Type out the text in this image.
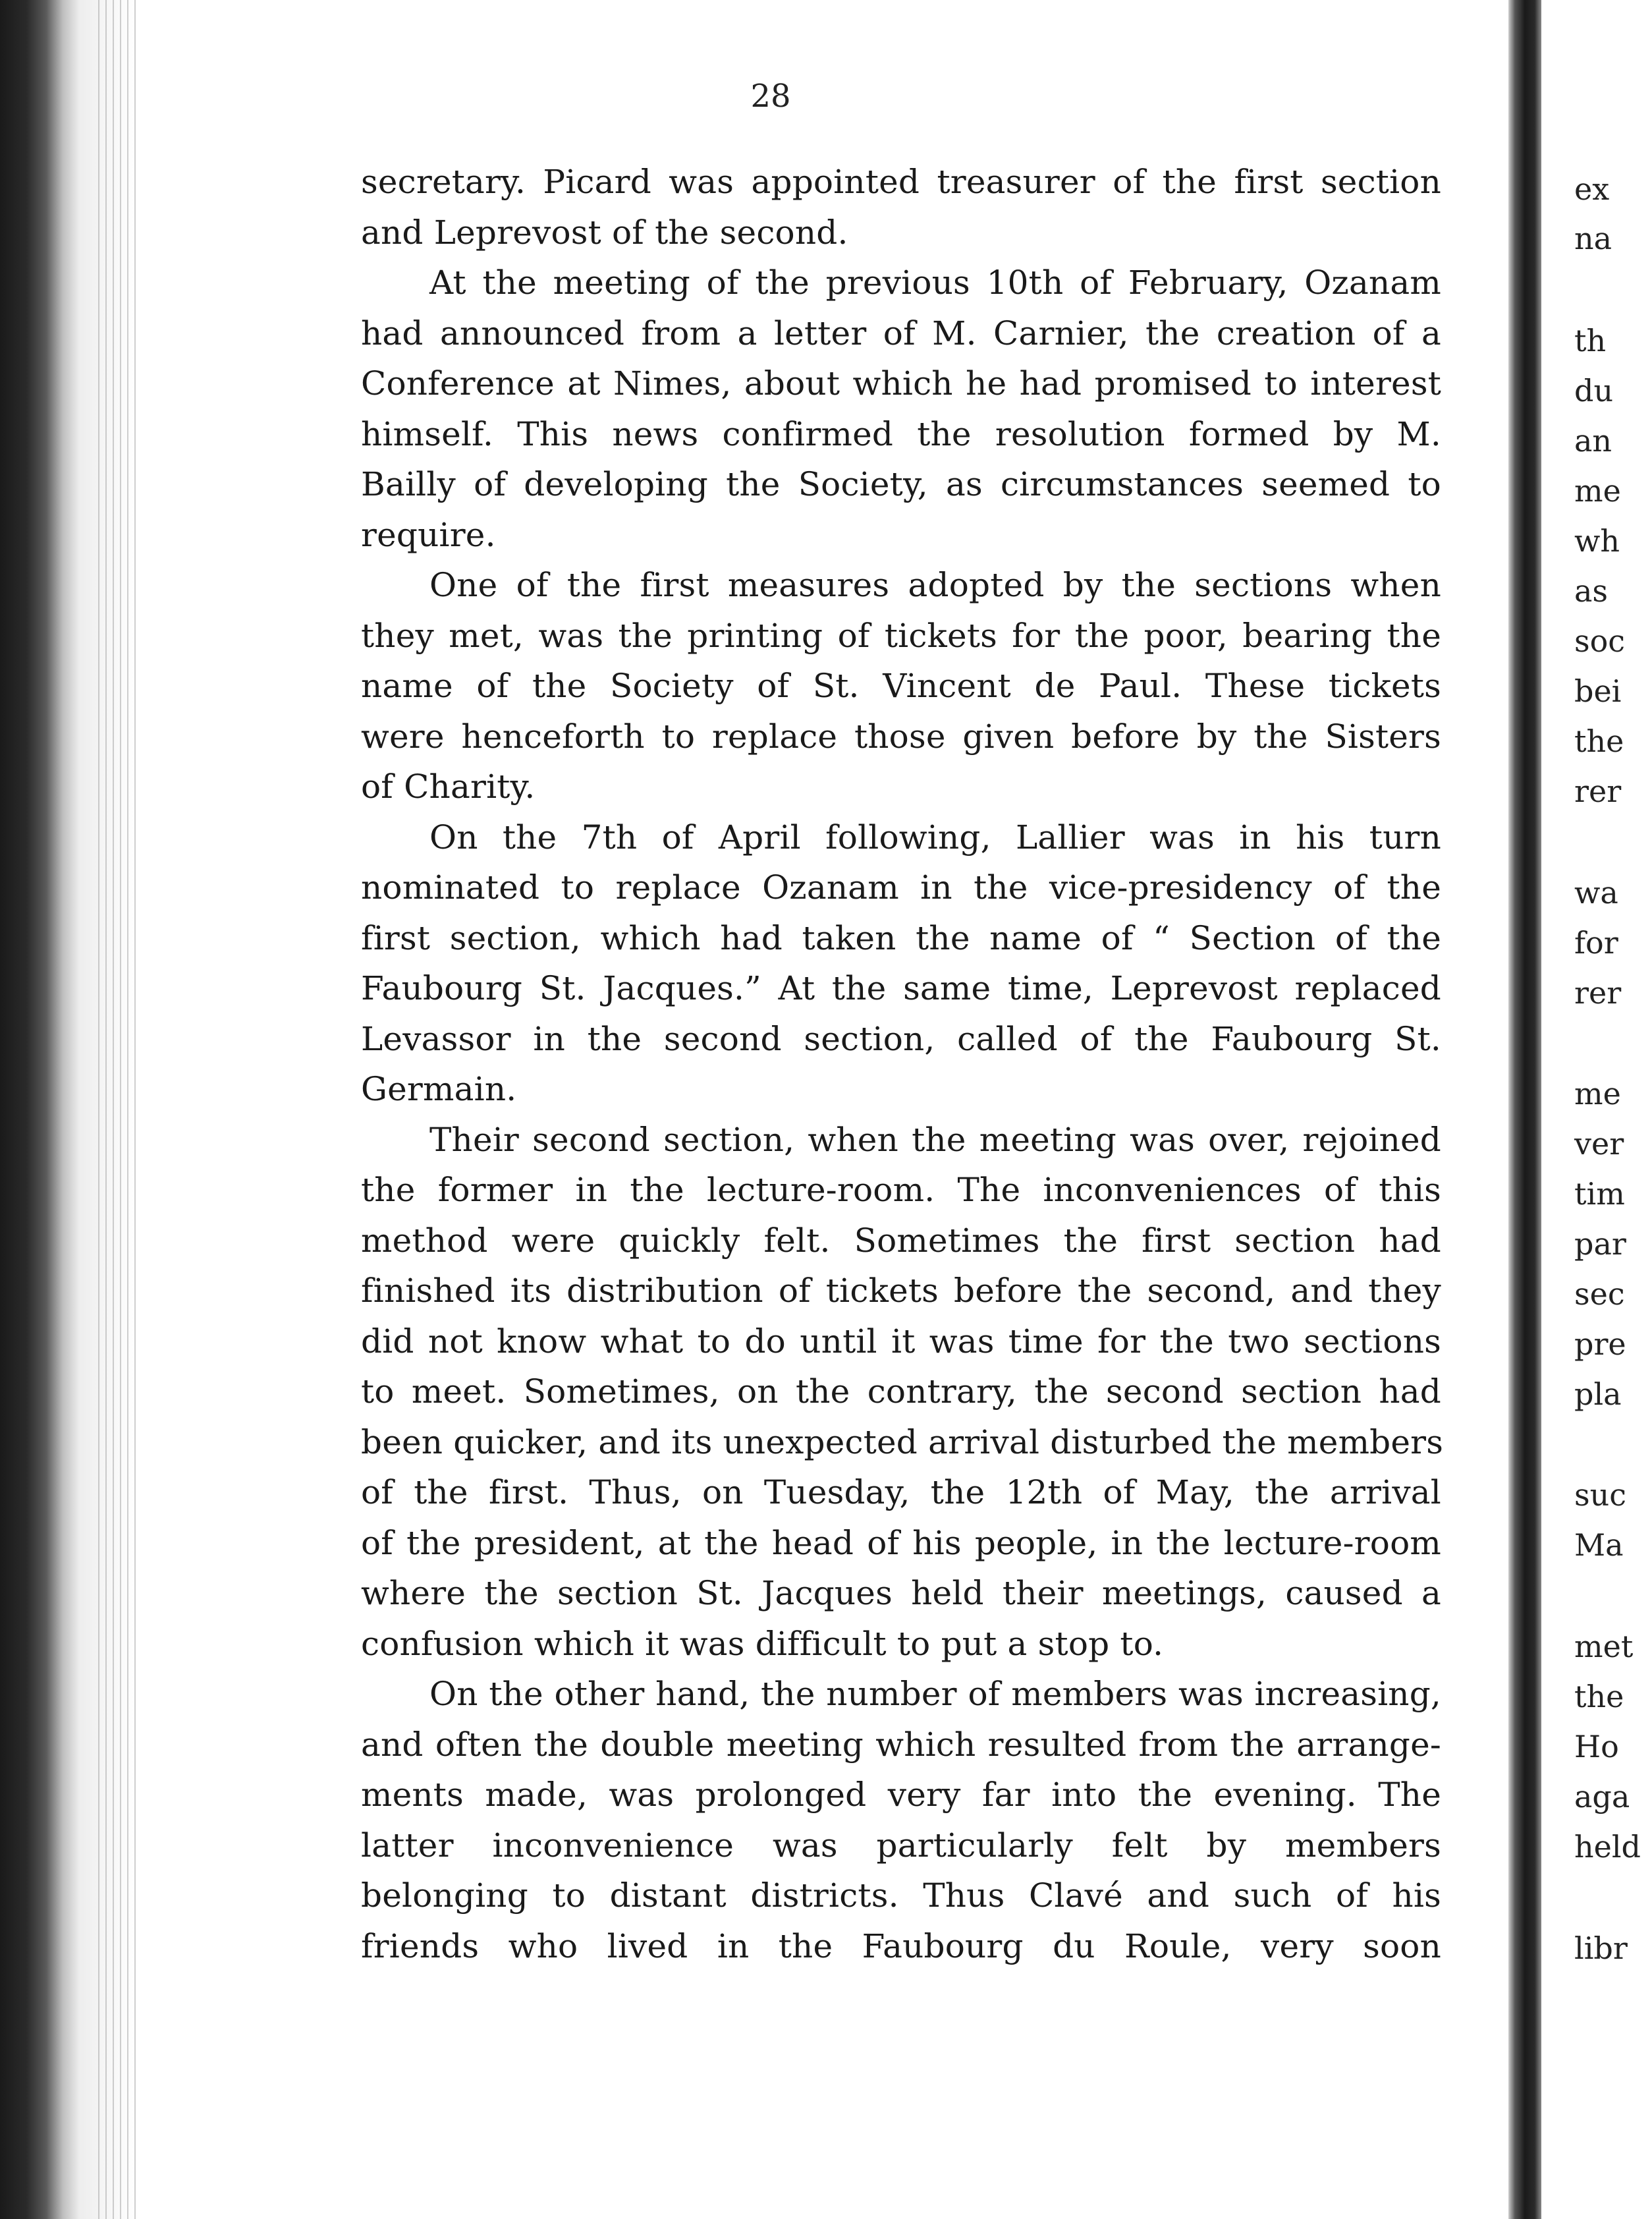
28
secretary. Picard was appointed treasurer of the first section
and Leprevost of the second.
At the meeting of the previous 10th of February, Ozanam
had announced from a letter of M. Carnier, the creation of a
Conference at Nimes, about which he had promised to interest
himself. This news confirmed the resolution formed by M.
Bailly of developing the Society, as circumstances seemed to
require.
One of the first measures adopted by the sections when
they met, was the printing of tickets for the poor, bearing the
name of the Society of St. Vincent de Paul. These tickets
were henceforth to replace those given before by the Sisters
of Charity.
On the 7th of April following, Lallier was in his turn
nominated to replace Ozanam in the vice-presidency of the
first section, which had taken the name of “ Section of the
Faubourg St. Jacques.” At the same time, Leprevost replaced
Levassor in the second section, called of the Faubourg St.
Germain.
Their second section, when the meeting was over, rejoined
the former in the lecture-room. The inconveniences of this
method were quickly felt. Sometimes the first section had
finished its distribution of tickets before the second, and they
did not know what to do until it was time for the two sections
to meet. Sometimes, on the contrary, the second section had
been quicker, and its unexpected arrival disturbed the members
of the first. Thus, on Tuesday, the 12th of May, the arrival
of the president, at the head of his people, in the lecture-room
where the section St. Jacques held their meetings, caused a
confusion which it was difficult to put a stop to.
On the other hand, the number of members was increasing,
and often the double meeting which resulted from the arrange-
ments made, was prolonged very far into the evening. The
latter inconvenience was particularly felt by members
belonging to distant districts. Thus Clavé and such of his
friends who lived in the Faubourg du Roule, very soon
ex
na
th
du
an
me
wh
as
soc
bei
the
rer
wa
for
rer
me
ver
tim
par
sec
pre
pla
suc
Ma
met
the
Ho
aga
held
libr
